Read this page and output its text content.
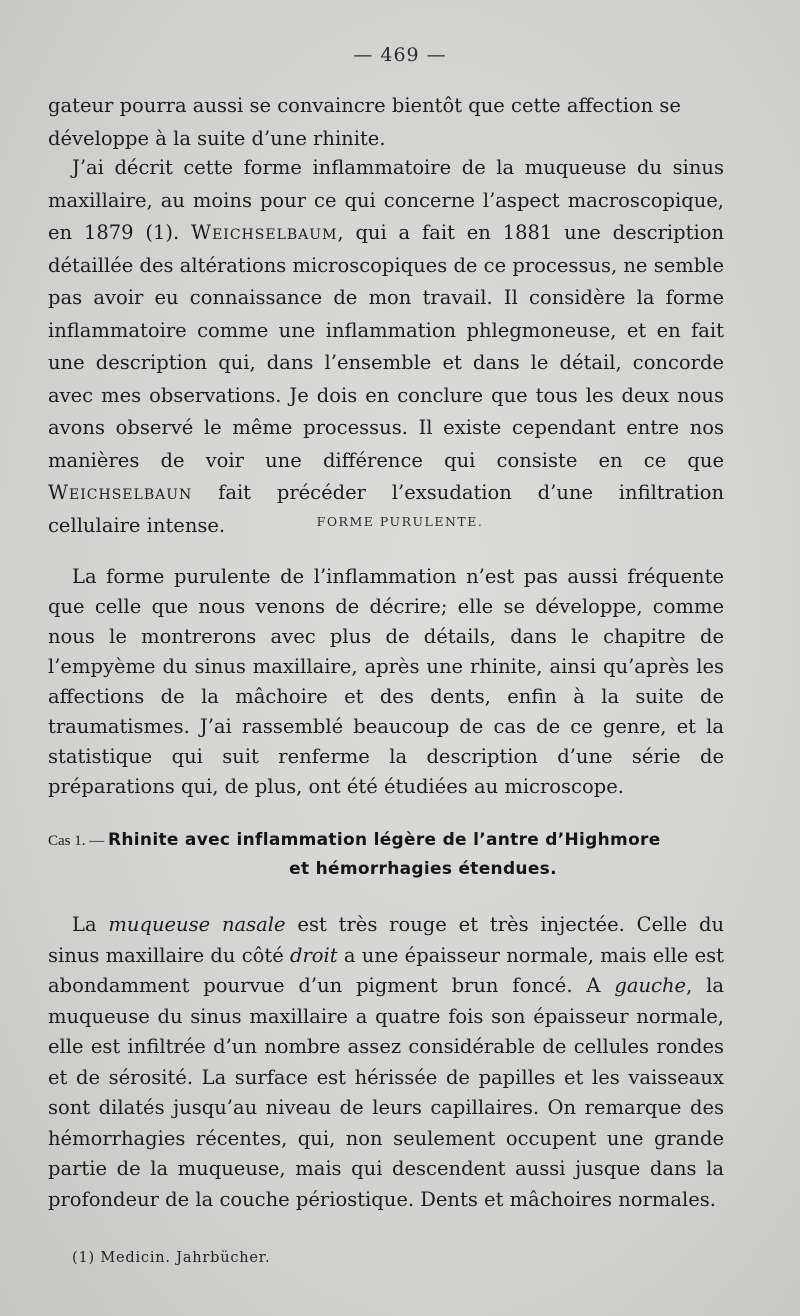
— 469 —

gateur pourra aussi se convaincre bientôt que cette affection se

développe à la suite d’une rhinite.

J’ai décrit cette forme inflammatoire de la muqueuse du sinus maxillaire, au moins pour ce qui concerne l’aspect macroscopique, en 1879 (1). Weichselbaum, qui a fait en 1881 une description détaillée des altérations microscopiques de ce processus, ne semble pas avoir eu connaissance de mon travail. Il considère la forme inflammatoire comme une inflammation phlegmoneuse, et en fait une description qui, dans l’ensemble et dans le détail, concorde avec mes observations. Je dois en conclure que tous les deux nous avons observé le même processus. Il existe cependant entre nos manières de voir une différence qui consiste en ce que Weichselbaun fait précéder l’exsudation d’une infiltration cellulaire intense.	FORME PURULENTE.

La forme purulente de l’inflammation n’est pas aussi fréquente que celle que nous venons de décrire; elle se développe, comme nous le montrerons avec plus de détails, dans le chapitre de l’empyème du sinus maxillaire, après une rhinite, ainsi qu’après les affections de la mâchoire et des dents, enfin à la suite de traumatismes. J’ai rassemblé beaucoup de cas de ce genre, et la statistique qui suit renferme la description d’une série de préparations qui, de plus, ont été étudiées au microscope.

Cas 1. — Rhinite avec inflammation légère de l’antre d’Highmore
et hémorrhagies étendues.

La muqueuse nasale est très rouge et très injectée. Celle du sinus maxillaire du côté droit a une épaisseur normale, mais elle est abondamment pourvue d’un pigment brun foncé. A gauche, la muqueuse du sinus maxillaire a quatre fois son épaisseur normale, elle est infiltrée d’un nombre assez considérable de cellules rondes et de sérosité. La surface est hérissée de papilles et les vaisseaux sont dilatés jusqu’au niveau de leurs capillaires. On remarque des hémorrhagies récentes, qui, non seulement occupent une grande partie de la muqueuse, mais qui descendent aussi jusque dans la profondeur de la couche périostique. Dents et mâchoires normales.

(1) Medicin. Jahrbücher.
